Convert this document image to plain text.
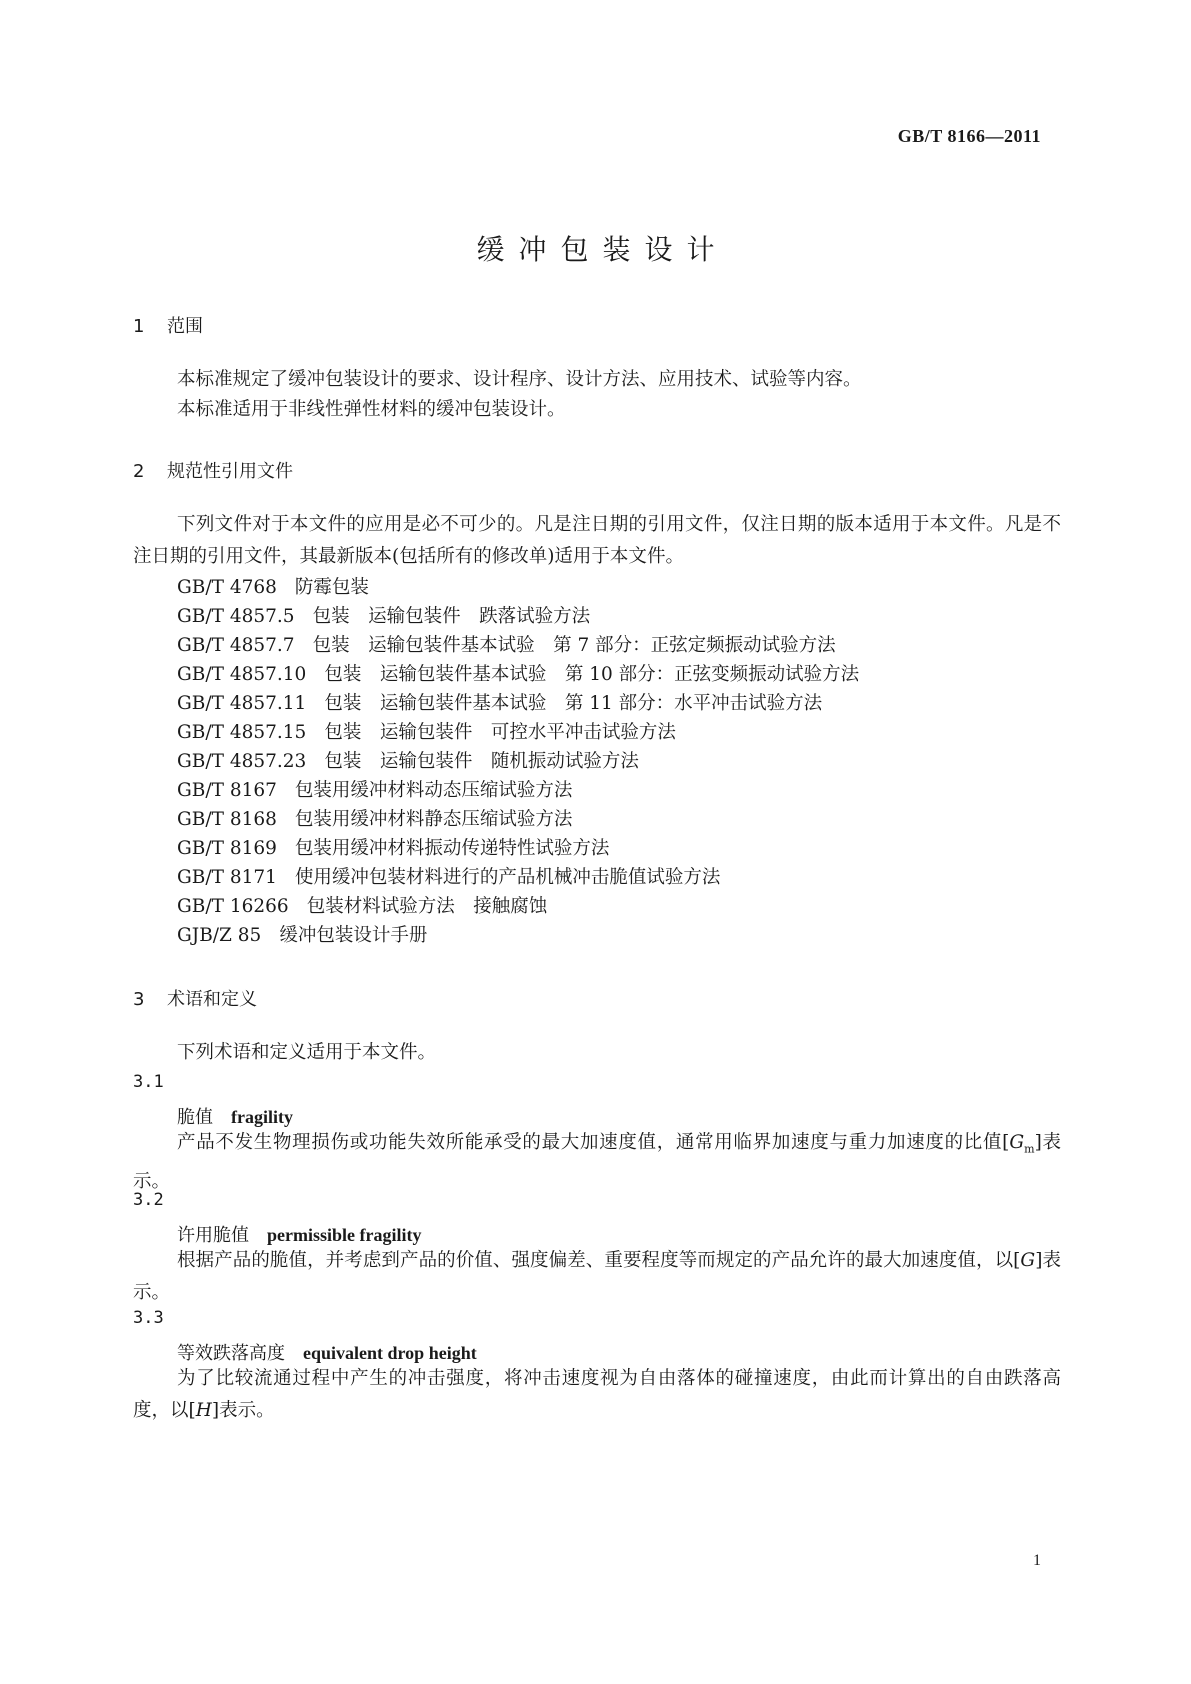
GB/T 8166—2011
缓冲包装设计
1 范围
本标准规定了缓冲包装设计的要求、设计程序、设计方法、应用技术、试验等内容。
本标准适用于非线性弹性材料的缓冲包装设计。
2 规范性引用文件
下列文件对于本文件的应用是必不可少的。凡是注日期的引用文件，仅注日期的版本适用于本文件。凡是不注日期的引用文件，其最新版本(包括所有的修改单)适用于本文件。
GB/T 4768 防霉包装
GB/T 4857.5 包装　运输包装件　跌落试验方法
GB/T 4857.7 包装　运输包装件基本试验　第 7 部分：正弦定频振动试验方法
GB/T 4857.10 包装　运输包装件基本试验　第 10 部分：正弦变频振动试验方法
GB/T 4857.11 包装　运输包装件基本试验　第 11 部分：水平冲击试验方法
GB/T 4857.15 包装　运输包装件　可控水平冲击试验方法
GB/T 4857.23 包装　运输包装件　随机振动试验方法
GB/T 8167 包装用缓冲材料动态压缩试验方法
GB/T 8168 包装用缓冲材料静态压缩试验方法
GB/T 8169 包装用缓冲材料振动传递特性试验方法
GB/T 8171 使用缓冲包装材料进行的产品机械冲击脆值试验方法
GB/T 16266 包装材料试验方法　接触腐蚀
GJB/Z 85 缓冲包装设计手册
3 术语和定义
下列术语和定义适用于本文件。
3.1
脆值 fragility
产品不发生物理损伤或功能失效所能承受的最大加速度值，通常用临界加速度与重力加速度的比值$[G_m]$表示。
3.2
许用脆值 permissible fragility
根据产品的脆值，并考虑到产品的价值、强度偏差、重要程度等而规定的产品允许的最大加速度值，以[G]表示。
3.3
等效跌落高度 equivalent drop height
为了比较流通过程中产生的冲击强度，将冲击速度视为自由落体的碰撞速度，由此而计算出的自由跌落高度，以[H]表示。
1
